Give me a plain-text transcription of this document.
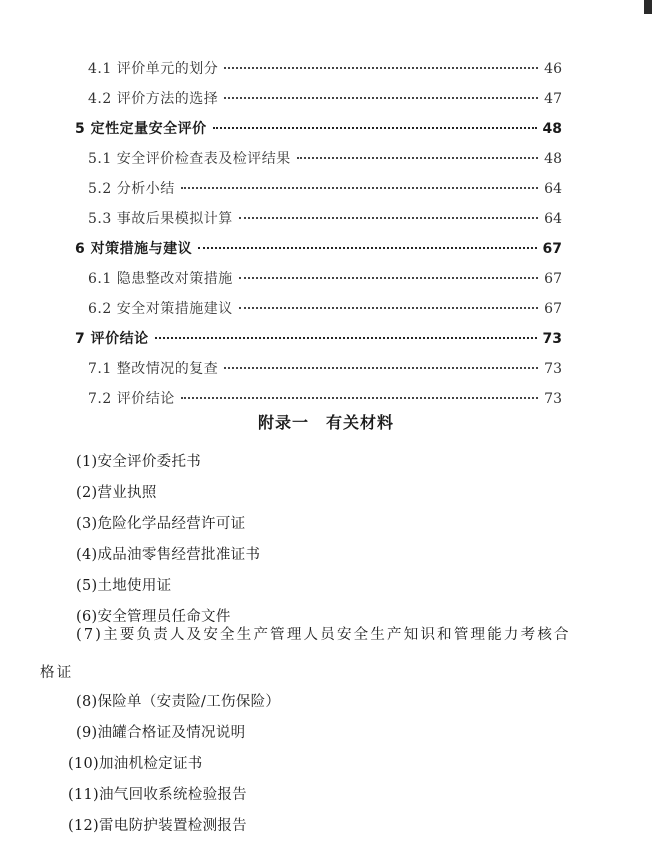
4.1 评价单元的划分	46
4.2 评价方法的选择	47
5 定性定量安全评价	48
5.1 安全评价检查表及检评结果	48
5.2 分析小结	64
5.3 事故后果模拟计算	64
6 对策措施与建议	67
6.1 隐患整改对策措施	67
6.2 安全对策措施建议	67
7 评价结论	73
7.1 整改情况的复查	73
7.2 评价结论	73
附录一　有关材料
(1)安全评价委托书
(2)营业执照
(3)危险化学品经营许可证
(4)成品油零售经营批准证书
(5)土地使用证
(6)安全管理员任命文件
(7)主要负责人及安全生产管理人员安全生产知识和管理能力考核合格证
(8)保险单（安责险/工伤保险）
(9)油罐合格证及情况说明
(10)加油机检定证书
(11)油气回收系统检验报告
(12)雷电防护装置检测报告
